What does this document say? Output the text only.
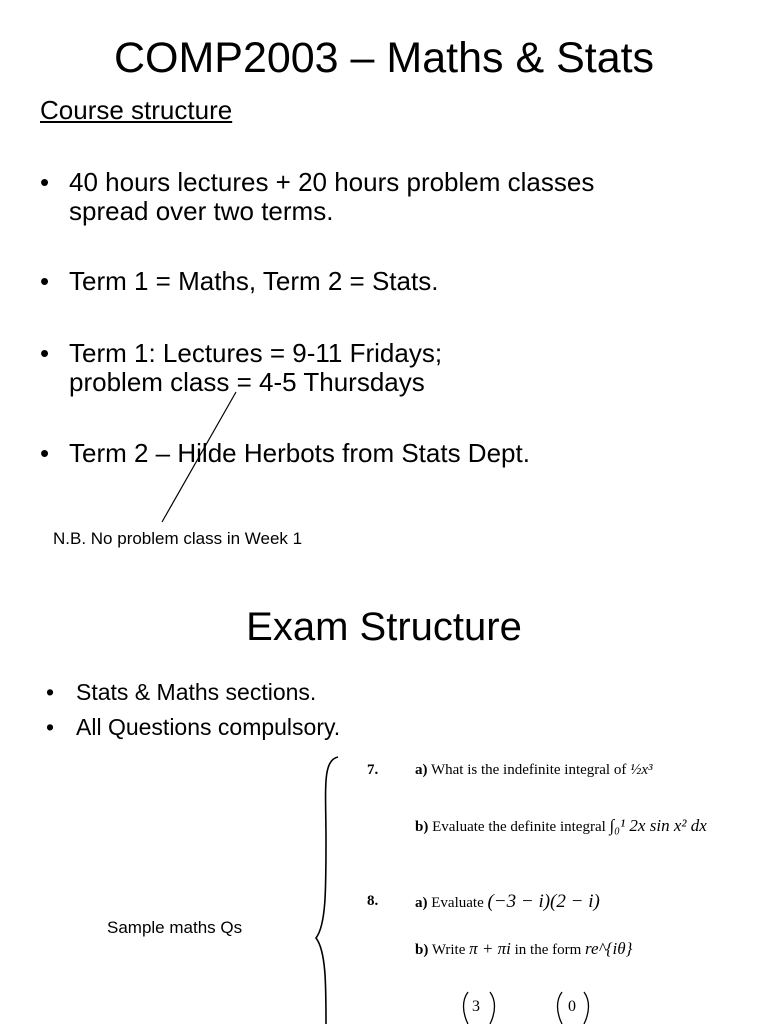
COMP2003 – Maths & Stats
Course structure
• 40 hours lectures + 20 hours problem classes
spread over two terms.
• Term 1 = Maths, Term 2 = Stats.
• Term 1: Lectures = 9-11 Fridays;
problem class = 4-5 Thursdays
• Term 2 – Hilde Herbots from Stats Dept.
N.B. No problem class in Week 1
Exam Structure
• Stats & Maths sections.
• All Questions compulsory.
Sample maths Qs
7. a) What is the indefinite integral of ½x³
b) Evaluate the definite integral ∫₀¹ 2x sin x² dx
8. a) Evaluate (−3 − i)(2 − i)
b) Write π + πi in the form re^{iθ}
3	0
